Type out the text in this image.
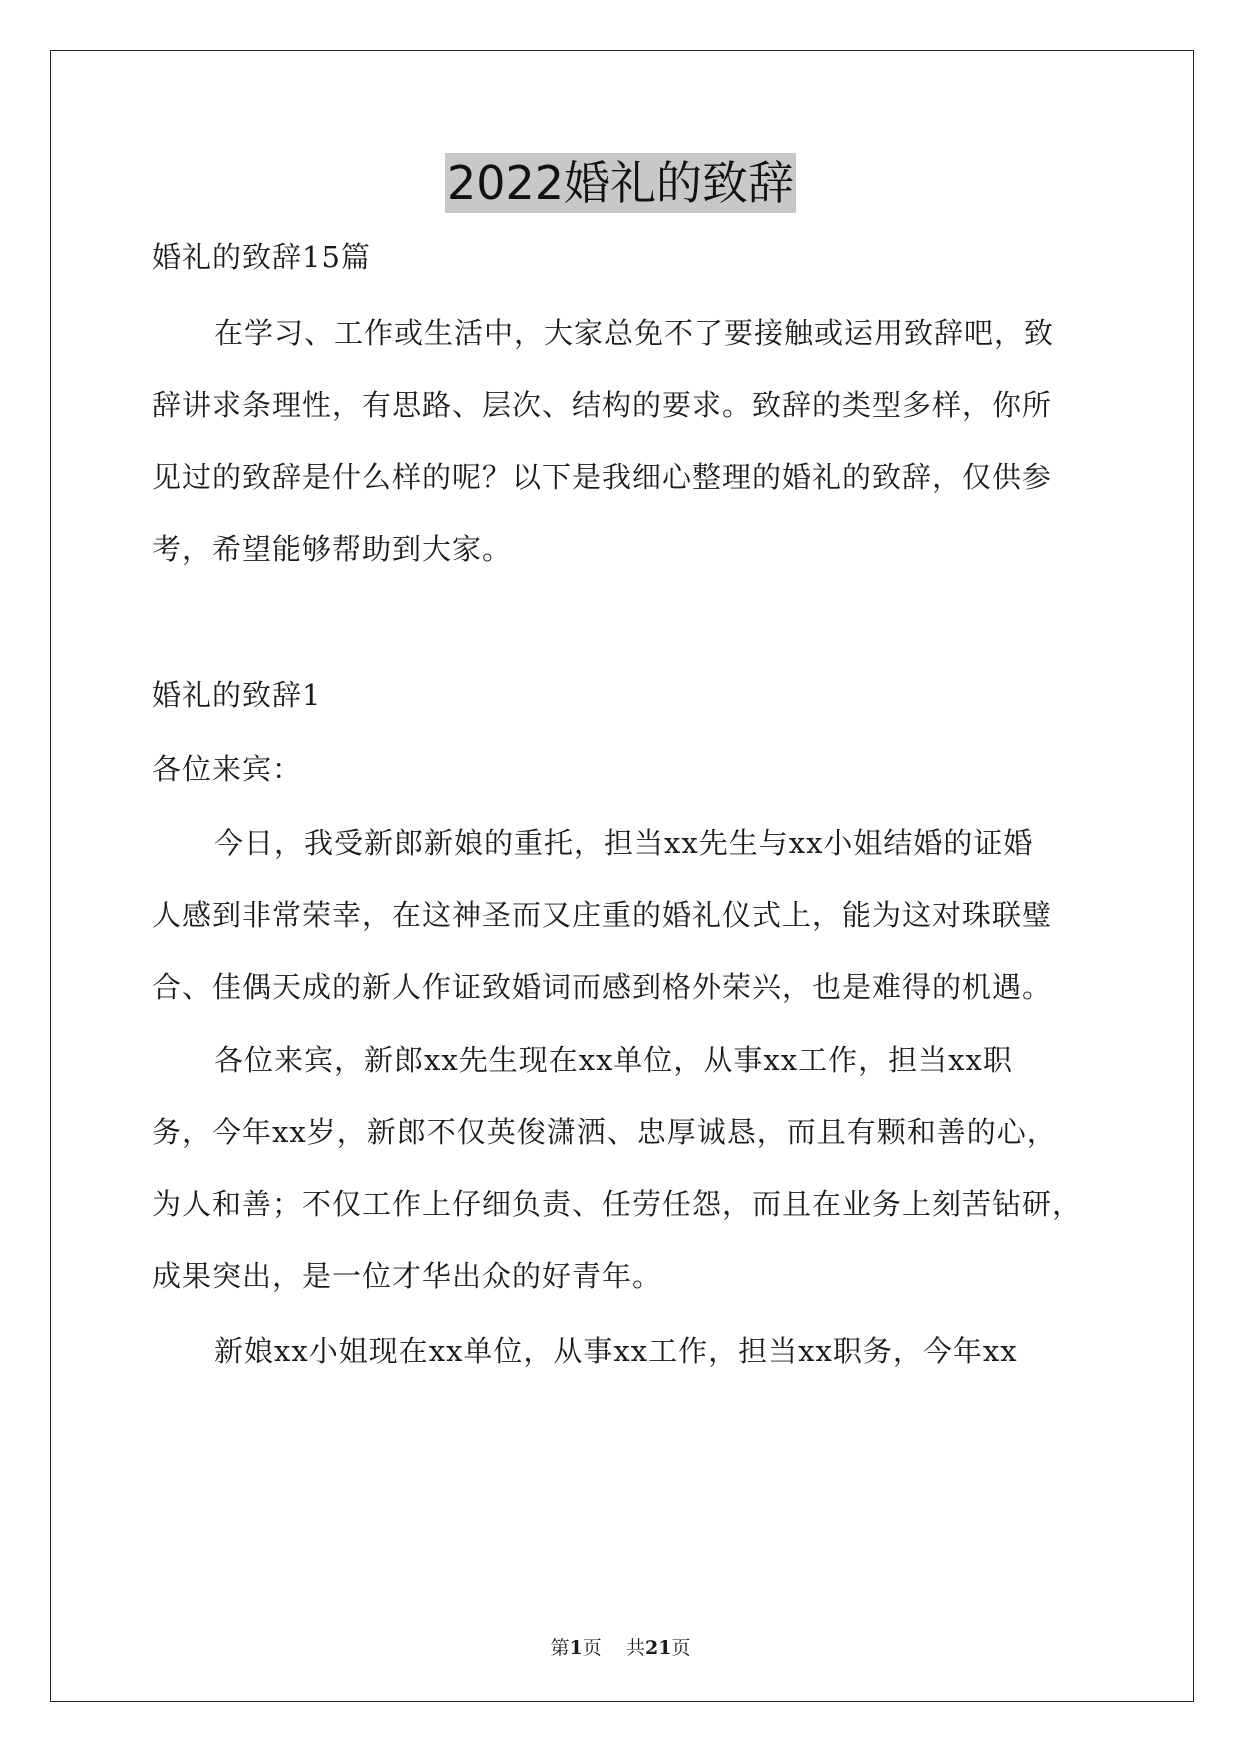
2022婚礼的致辞
婚礼的致辞15篇
在学习、工作或生活中，大家总免不了要接触或运用致辞吧，致
辞讲求条理性，有思路、层次、结构的要求。致辞的类型多样，你所
见过的致辞是什么样的呢？以下是我细心整理的婚礼的致辞，仅供参
考，希望能够帮助到大家。
婚礼的致辞1
各位来宾：
今日，我受新郎新娘的重托，担当xx先生与xx小姐结婚的证婚
人感到非常荣幸，在这神圣而又庄重的婚礼仪式上，能为这对珠联璧
合、佳偶天成的新人作证致婚词而感到格外荣兴，也是难得的机遇。
各位来宾，新郎xx先生现在xx单位，从事xx工作，担当xx职
务，今年xx岁，新郎不仅英俊潇洒、忠厚诚恳，而且有颗和善的心，
为人和善；不仅工作上仔细负责、任劳任怨，而且在业务上刻苦钻研，
成果突出，是一位才华出众的好青年。
新娘xx小姐现在xx单位，从事xx工作，担当xx职务，今年xx
第1页 共21页
